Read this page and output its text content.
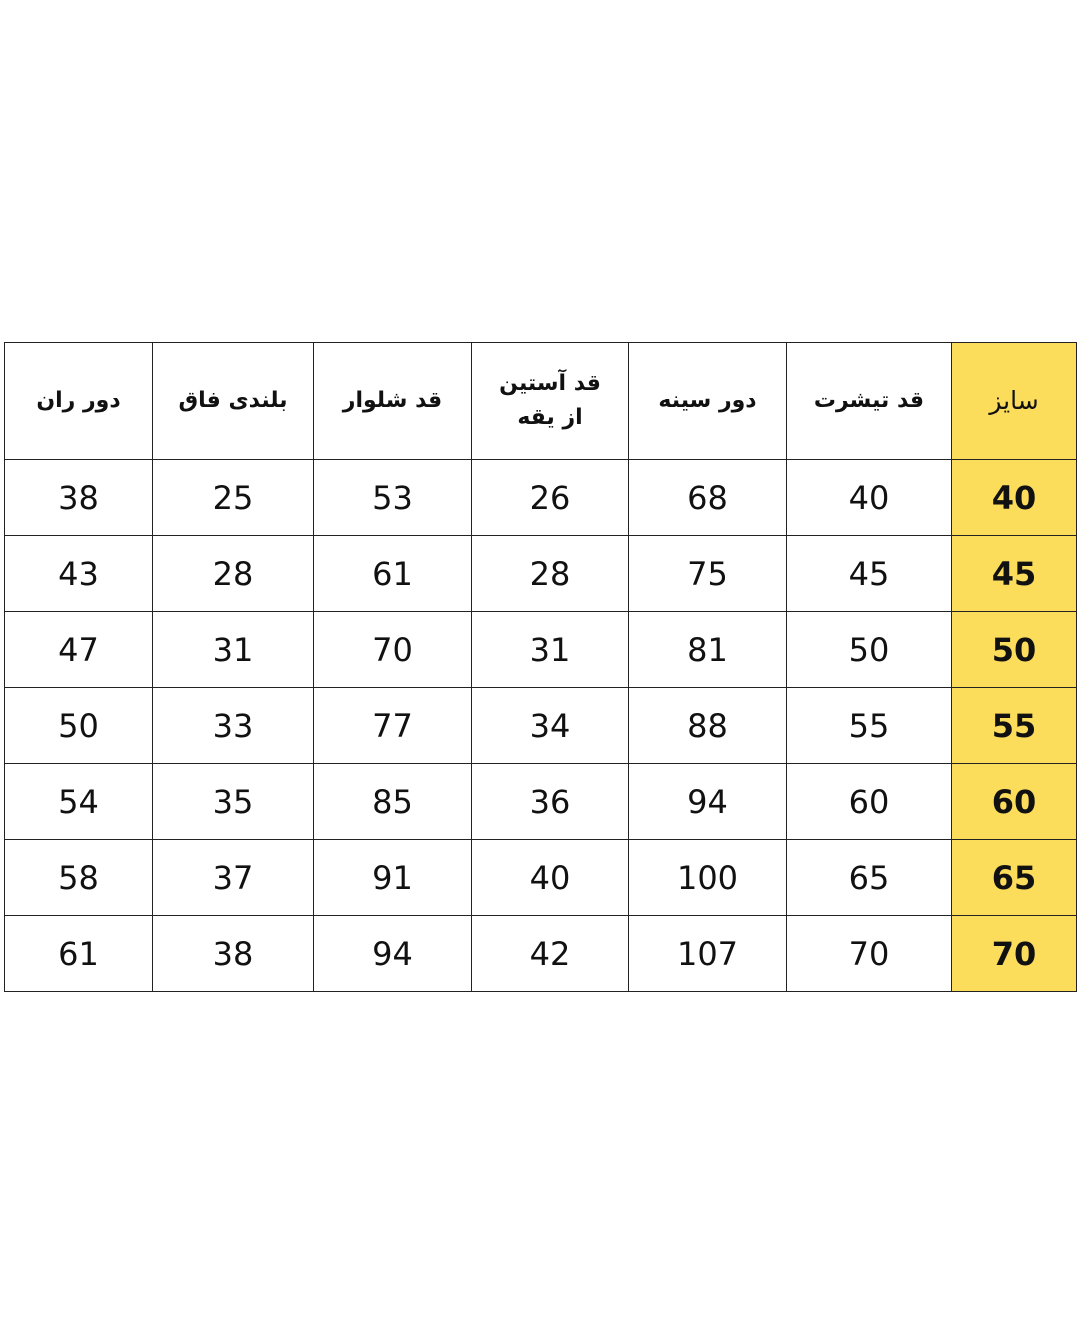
سایز	قد تیشرت	دور سینه	قد آستین
از یقه	قد شلوار	بلندی فاق	دور ران
40	40	68	26	53	25	38
45	45	75	28	61	28	43
50	50	81	31	70	31	47
55	55	88	34	77	33	50
60	60	94	36	85	35	54
65	65	100	40	91	37	58
70	70	107	42	94	38	61
